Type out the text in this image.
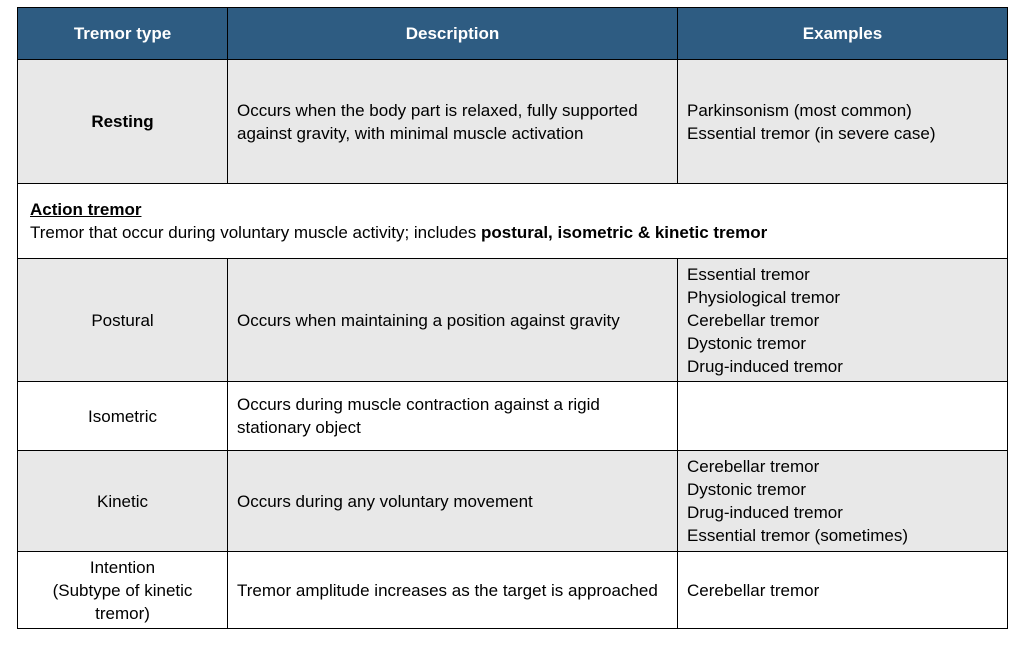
Tremor type	Description	Examples
Resting	Occurs when the body part is relaxed, fully supported against gravity, with minimal muscle activation	Parkinsonism (most common)
Essential tremor (in severe case)

Action tremor
Tremor that occur during voluntary muscle activity; includes postural, isometric & kinetic tremor		

Postural	Occurs when maintaining a position against gravity	Essential tremor
Physiological tremor
Cerebellar tremor
Dystonic tremor
Drug-induced tremor

Isometric	Occurs during muscle contraction against a rigid stationary object	
Kinetic	Occurs during any voluntary movement	Cerebellar tremor
Dystonic tremor
Drug-induced tremor
Essential tremor (sometimes)

Intention
(Subtype of kinetic
tremor)	Tremor amplitude increases as the target is approached	Cerebellar tremor
